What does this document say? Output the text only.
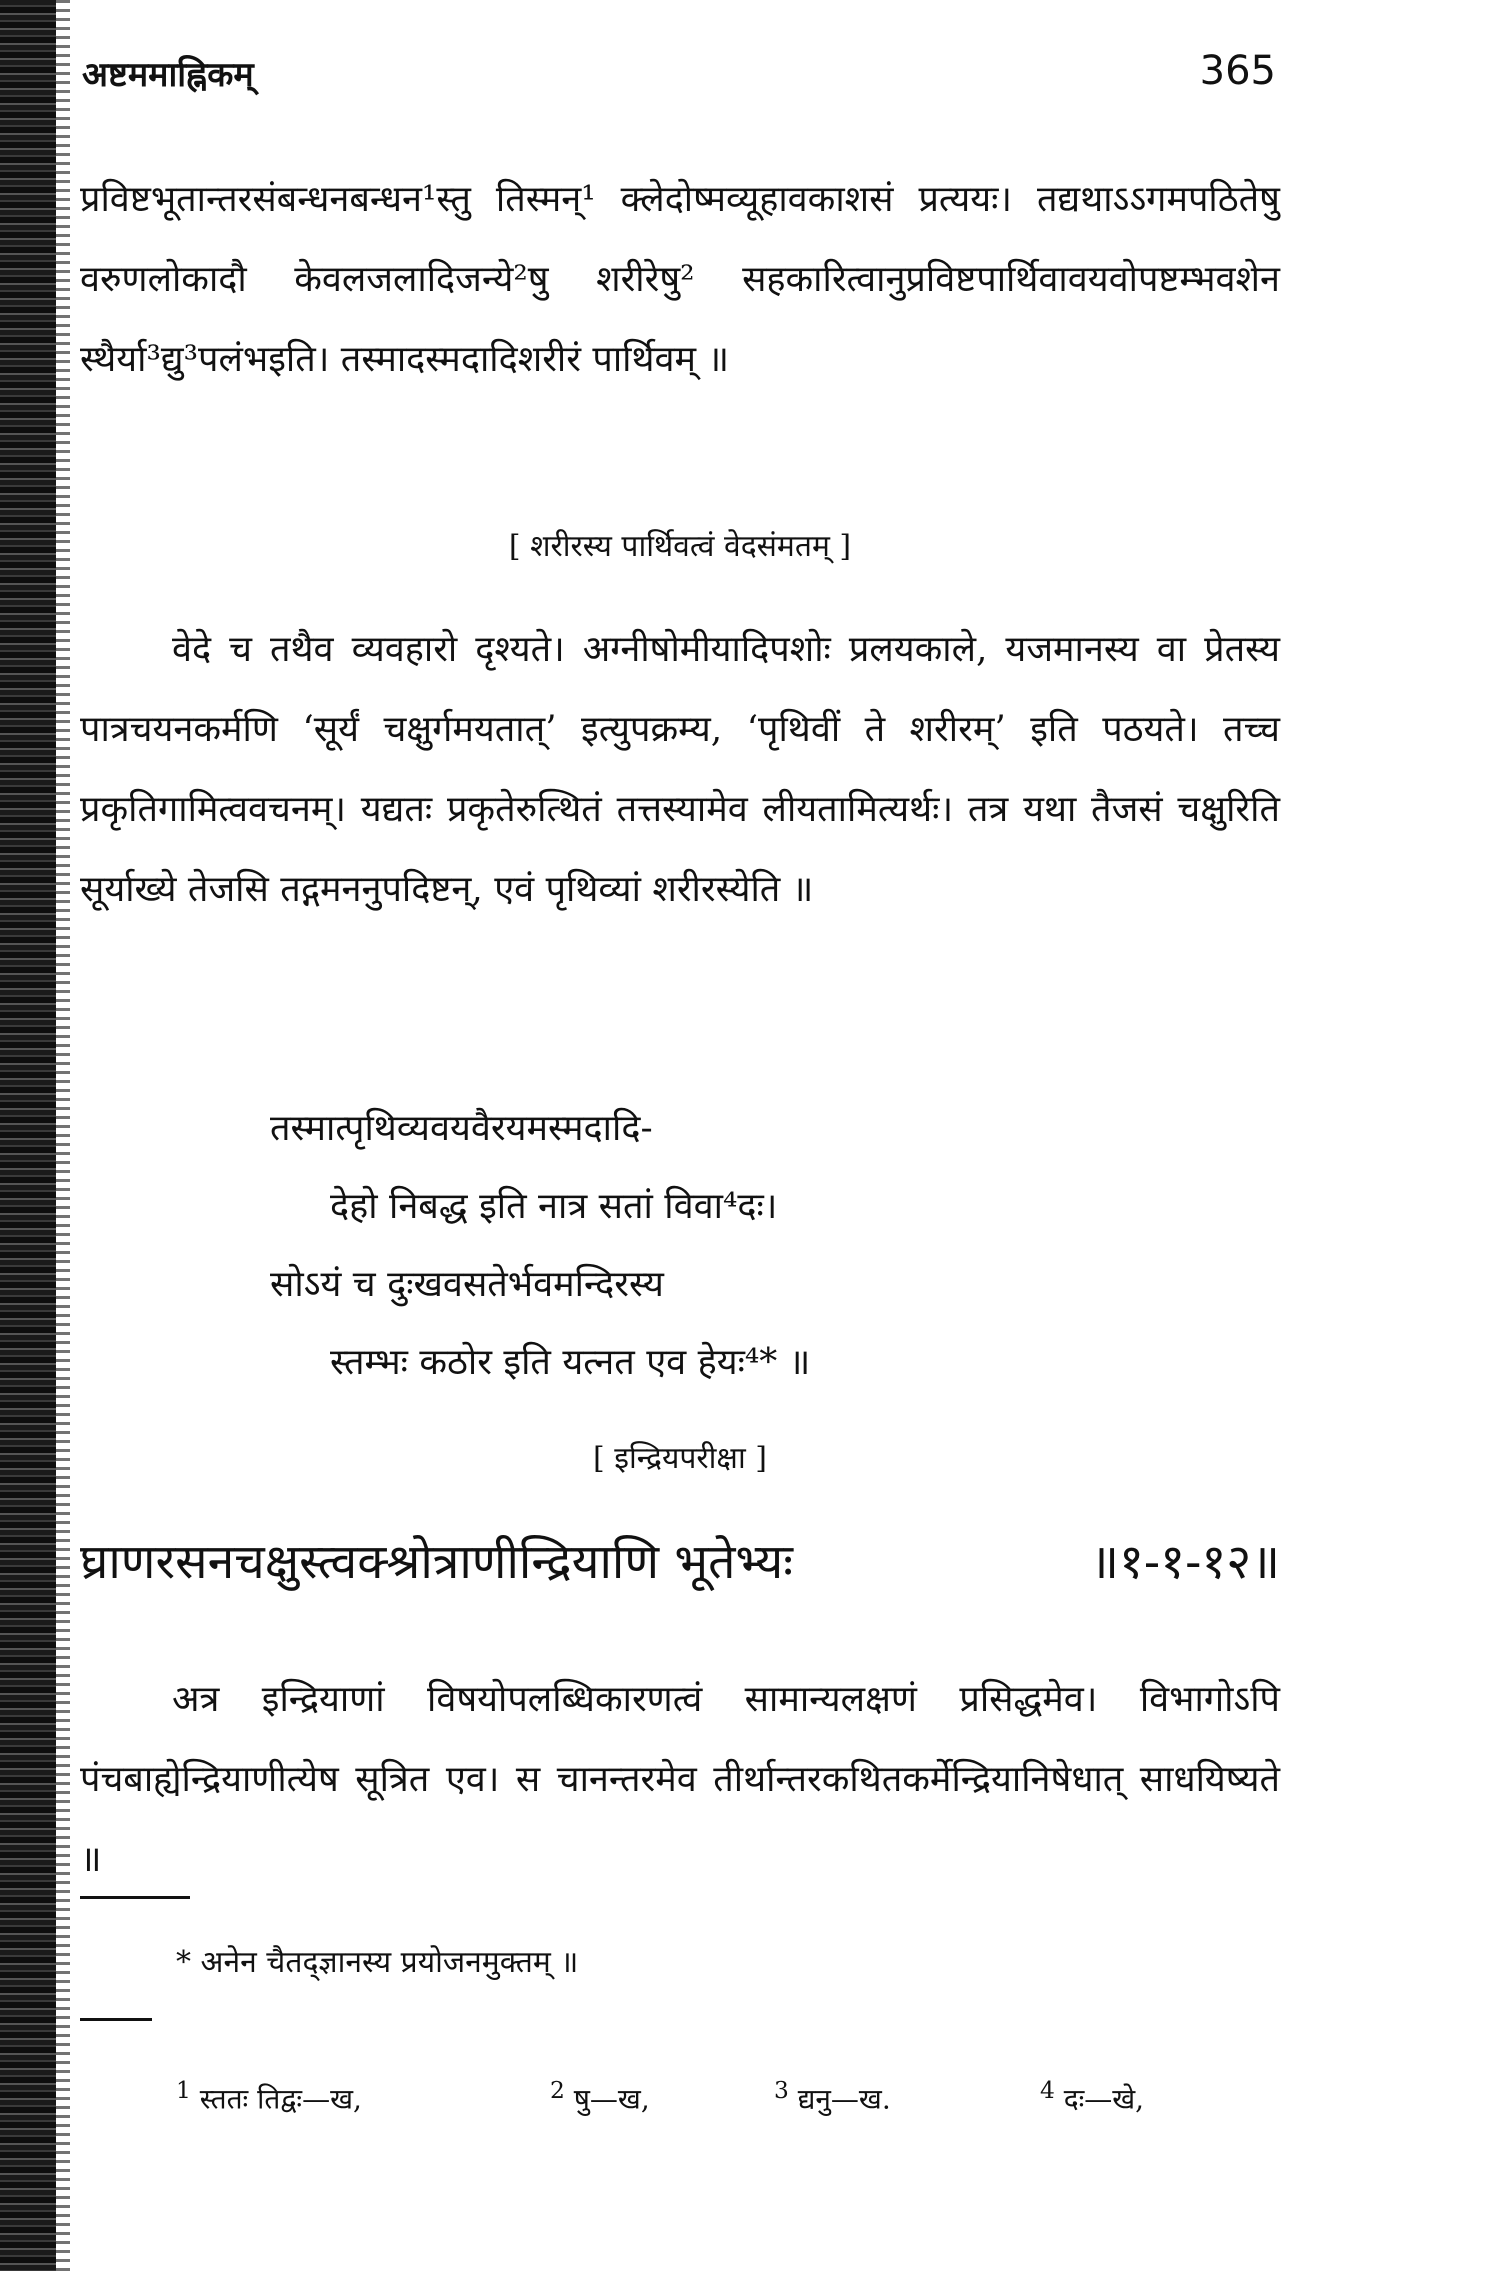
अष्टममाह्निकम्	365
प्रविष्टभूतान्तरसंबन्धनबन्धन¹स्तु तिस्मन्¹ क्लेदोष्मव्यूहावकाशसं प्रत्ययः। तद्यथाऽऽगमपठितेषु वरुणलोकादौ केवलजलादिजन्ये²षु शरीरेषु² सहकारित्वानुप्रविष्टपार्थिवावयवोपष्टम्भवशेन स्थैर्या³द्यु³पलंभइति। तस्मादस्मदादिशरीरं पार्थिवम् ॥
[ शरीरस्य पार्थिवत्वं वेदसंमतम् ]
वेदे च तथैव व्यवहारो दृश्यते। अग्नीषोमीयादिपशोः प्रलयकाले, यजमानस्य वा प्रेतस्य पात्रचयनकर्मणि ‘सूर्यं चक्षुर्गमयतात्’ इत्युपक्रम्य, ‘पृथिवीं ते शरीरम्’ इति पठयते। तच्च प्रकृतिगामित्ववचनम्। यद्यतः प्रकृतेरुत्थितं तत्तस्यामेव लीयतामित्यर्थः। तत्र यथा तैजसं चक्षुरिति सूर्याख्ये तेजसि तद्गमननुपदिष्टन्, एवं पृथिव्यां शरीरस्येति ॥
तस्मात्पृथिव्यवयवैरयमस्मदादि-
देहो निबद्ध इति नात्र सतां विवा⁴दः।
सोऽयं च दुःखवसतेर्भवमन्दिरस्य
स्तम्भः कठोर इति यत्नत एव हेयः⁴* ॥
[ इन्द्रियपरीक्षा ]
घ्राणरसनचक्षुस्त्वक्श्रोत्राणीन्द्रियाणि भूतेभ्यः	॥१-१-१२॥
अत्र इन्द्रियाणां विषयोपलब्धिकारणत्वं सामान्यलक्षणं प्रसिद्धमेव। विभागोऽपि पंचबाह्येन्द्रियाणीत्येष सूत्रित एव। स चानन्तरमेव तीर्थान्तरकथितकर्मेन्द्रियानिषेधात् साधयिष्यते ॥
* अनेन चैतद्ज्ञानस्य प्रयोजनमुक्तम् ॥
$^1$ स्ततः तिद्वः—ख,	$^2$ षु—ख,	$^3$ द्यनु—ख.	$^4$ दः—खे,
